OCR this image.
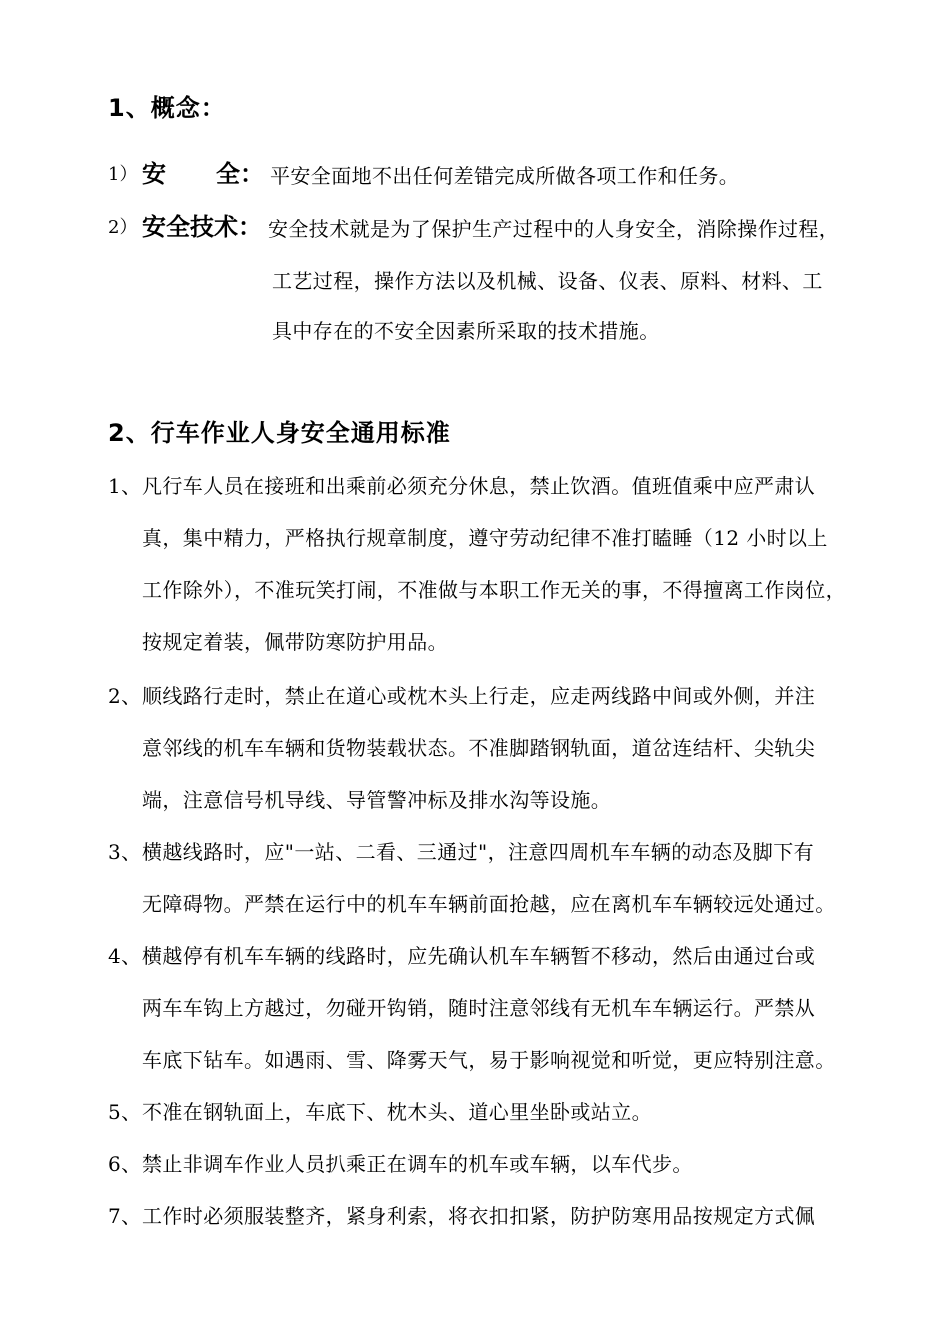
1、概念：
1） 安 全： 平安全面地不出任何差错完成所做各项工作和任务。
2） 安全技术： 安全技术就是为了保护生产过程中的人身安全，消除操作过程，
工艺过程，操作方法以及机械、设备、仪表、原料、材料、工
具中存在的不安全因素所采取的技术措施。
2、行车作业人身安全通用标准
1、 凡行车人员在接班和出乘前必须充分休息，禁止饮酒。值班值乘中应严肃认
真，集中精力，严格执行规章制度，遵守劳动纪律不准打瞌睡（12 小时以上
工作除外），不准玩笑打闹，不准做与本职工作无关的事，不得擅离工作岗位，
按规定着装，佩带防寒防护用品。
2、 顺线路行走时，禁止在道心或枕木头上行走，应走两线路中间或外侧，并注
意邻线的机车车辆和货物装载状态。不准脚踏钢轨面，道岔连结杆、尖轨尖
端，注意信号机导线、导管警冲标及排水沟等设施。
3、 横越线路时，应"一站、二看、三通过"，注意四周机车车辆的动态及脚下有
无障碍物。严禁在运行中的机车车辆前面抢越，应在离机车车辆较远处通过。
4、 横越停有机车车辆的线路时，应先确认机车车辆暂不移动，然后由通过台或
两车车钩上方越过，勿碰开钩销，随时注意邻线有无机车车辆运行。严禁从
车底下钻车。如遇雨、雪、降雾天气，易于影响视觉和听觉，更应特别注意。
5、 不准在钢轨面上，车底下、枕木头、道心里坐卧或站立。
6、 禁止非调车作业人员扒乘正在调车的机车或车辆，以车代步。
7、 工作时必须服装整齐，紧身利索，将衣扣扣紧，防护防寒用品按规定方式佩
